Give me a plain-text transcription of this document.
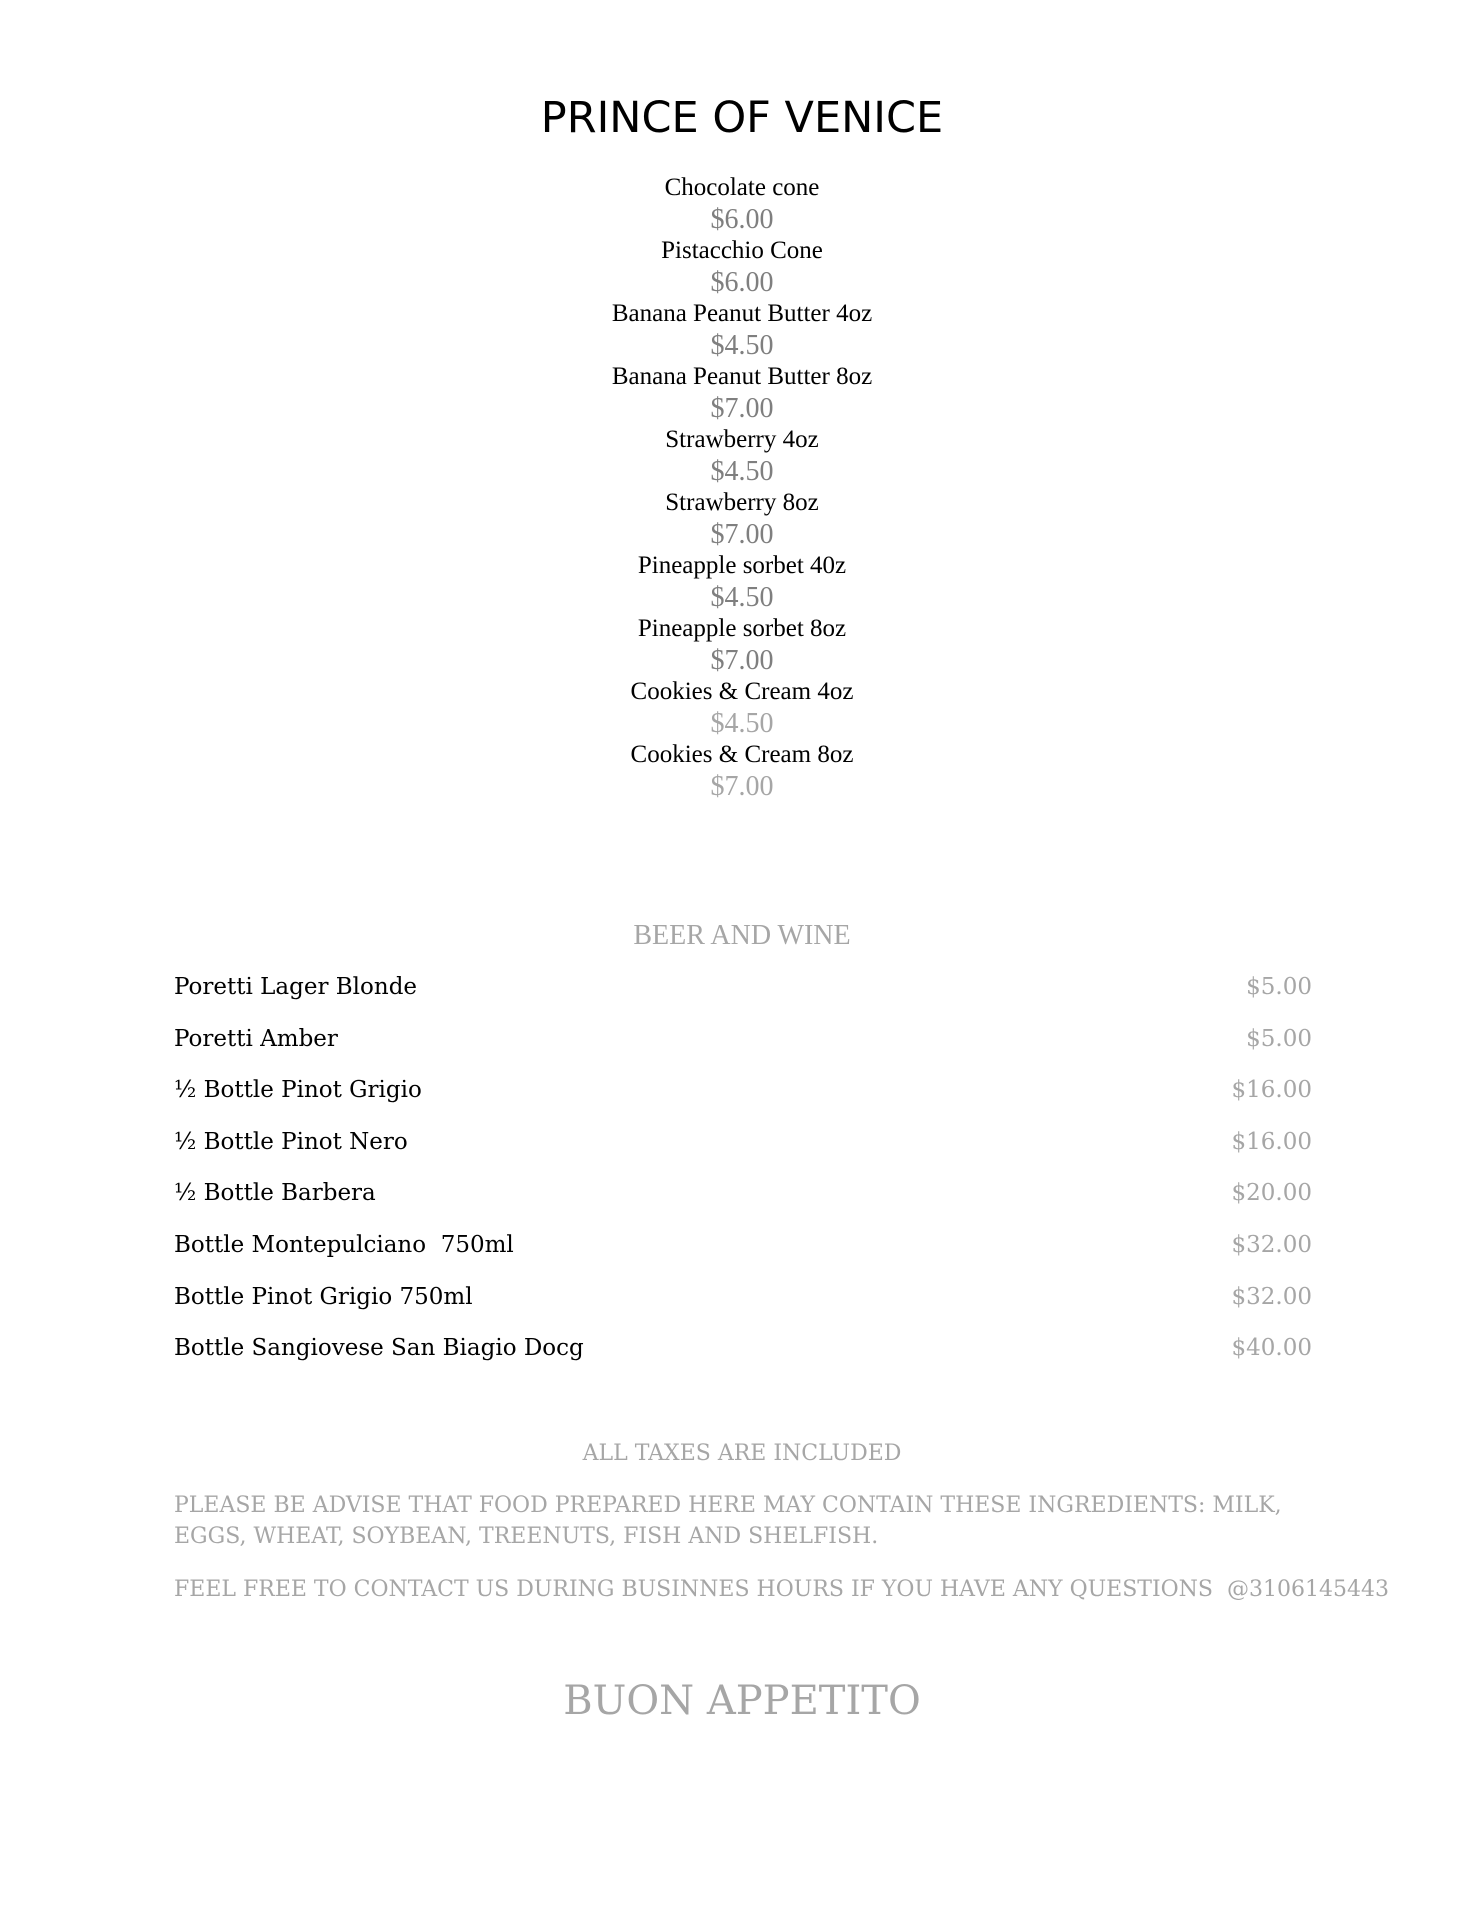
PRINCE OF VENICE
Chocolate cone
$6.00
Pistacchio Cone
$6.00
Banana Peanut Butter 4oz
$4.50
Banana Peanut Butter 8oz
$7.00
Strawberry 4oz
$4.50
Strawberry 8oz
$7.00
Pineapple sorbet 40z
$4.50
Pineapple sorbet 8oz
$7.00
Cookies & Cream 4oz
$4.50
Cookies & Cream 8oz
$7.00
BEER AND WINE
Poretti Lager Blonde	$5.00
Poretti Amber	$5.00
½ Bottle Pinot Grigio	$16.00
½ Bottle Pinot Nero	$16.00
½ Bottle Barbera	$20.00
Bottle Montepulciano  750ml	$32.00
Bottle Pinot Grigio 750ml	$32.00
Bottle Sangiovese San Biagio Docg	$40.00
ALL TAXES ARE INCLUDED
PLEASE BE ADVISE THAT FOOD PREPARED HERE MAY CONTAIN THESE INGREDIENTS: MILK, EGGS, WHEAT, SOYBEAN, TREENUTS, FISH AND SHELFISH.
FEEL FREE TO CONTACT US DURING BUSINNES HOURS IF YOU HAVE ANY QUESTIONS  @3106145443
BUON APPETITO
